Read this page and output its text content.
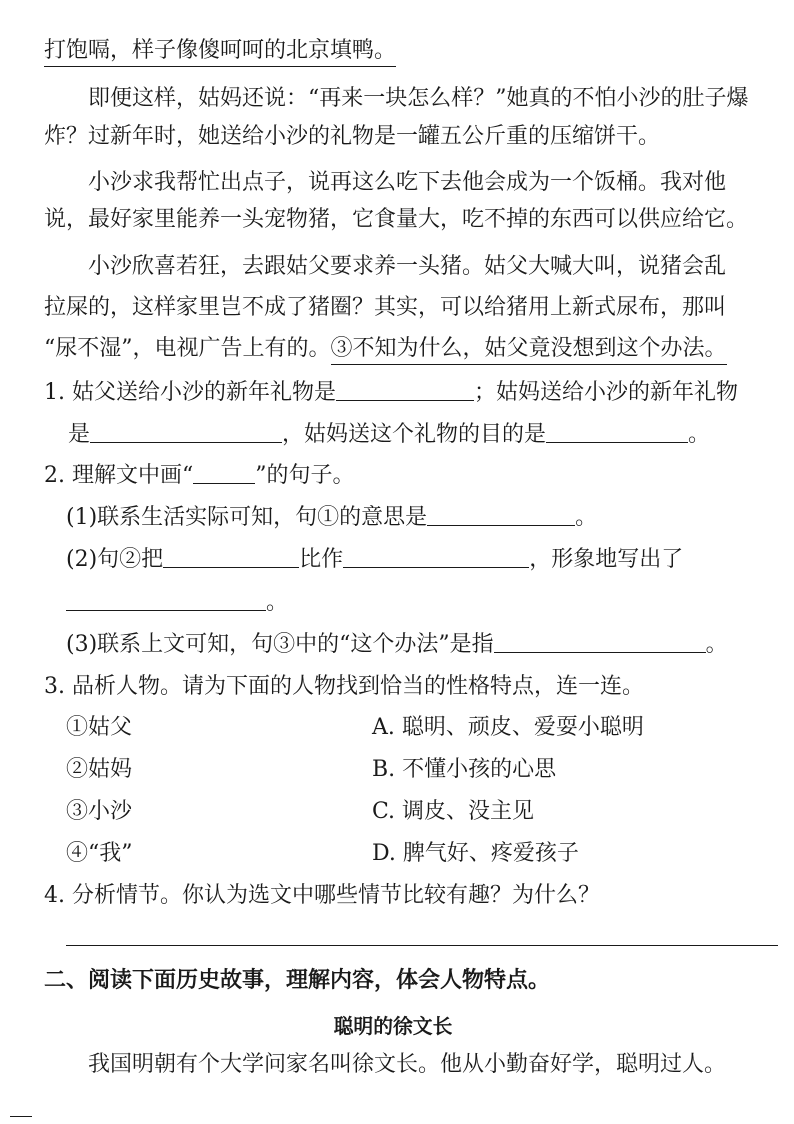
打饱嗝，样子像傻呵呵的北京填鸭。
即便这样，姑妈还说：“再来一块怎么样？”她真的不怕小沙的肚子爆
炸？过新年时，她送给小沙的礼物是一罐五公斤重的压缩饼干。
小沙求我帮忙出点子，说再这么吃下去他会成为一个饭桶。我对他
说，最好家里能养一头宠物猪，它食量大，吃不掉的东西可以供应给它。
小沙欣喜若狂，去跟姑父要求养一头猪。姑父大喊大叫，说猪会乱
拉屎的，这样家里岂不成了猪圈？其实，可以给猪用上新式尿布，那叫
“尿不湿”，电视广告上有的。③不知为什么，姑父竟没想到这个办法。
1. 姑父送给小沙的新年礼物是	；姑妈送给小沙的新年礼物
是	，姑妈送这个礼物的目的是	。
2. 理解文中画“	”的句子。
(1)联系生活实际可知，句①的意思是	。
(2)句②把	比作	，形象地写出了
。
(3)联系上文可知，句③中的“这个办法”是指	。
3. 品析人物。请为下面的人物找到恰当的性格特点，连一连。
①姑父	A. 聪明、顽皮、爱耍小聪明
②姑妈	B. 不懂小孩的心思
③小沙	C. 调皮、没主见
④“我”	D. 脾气好、疼爱孩子
4. 分析情节。你认为选文中哪些情节比较有趣？为什么？
二、阅读下面历史故事，理解内容，体会人物特点。
聪明的徐文长
我国明朝有个大学问家名叫徐文长。他从小勤奋好学，聪明过人。
